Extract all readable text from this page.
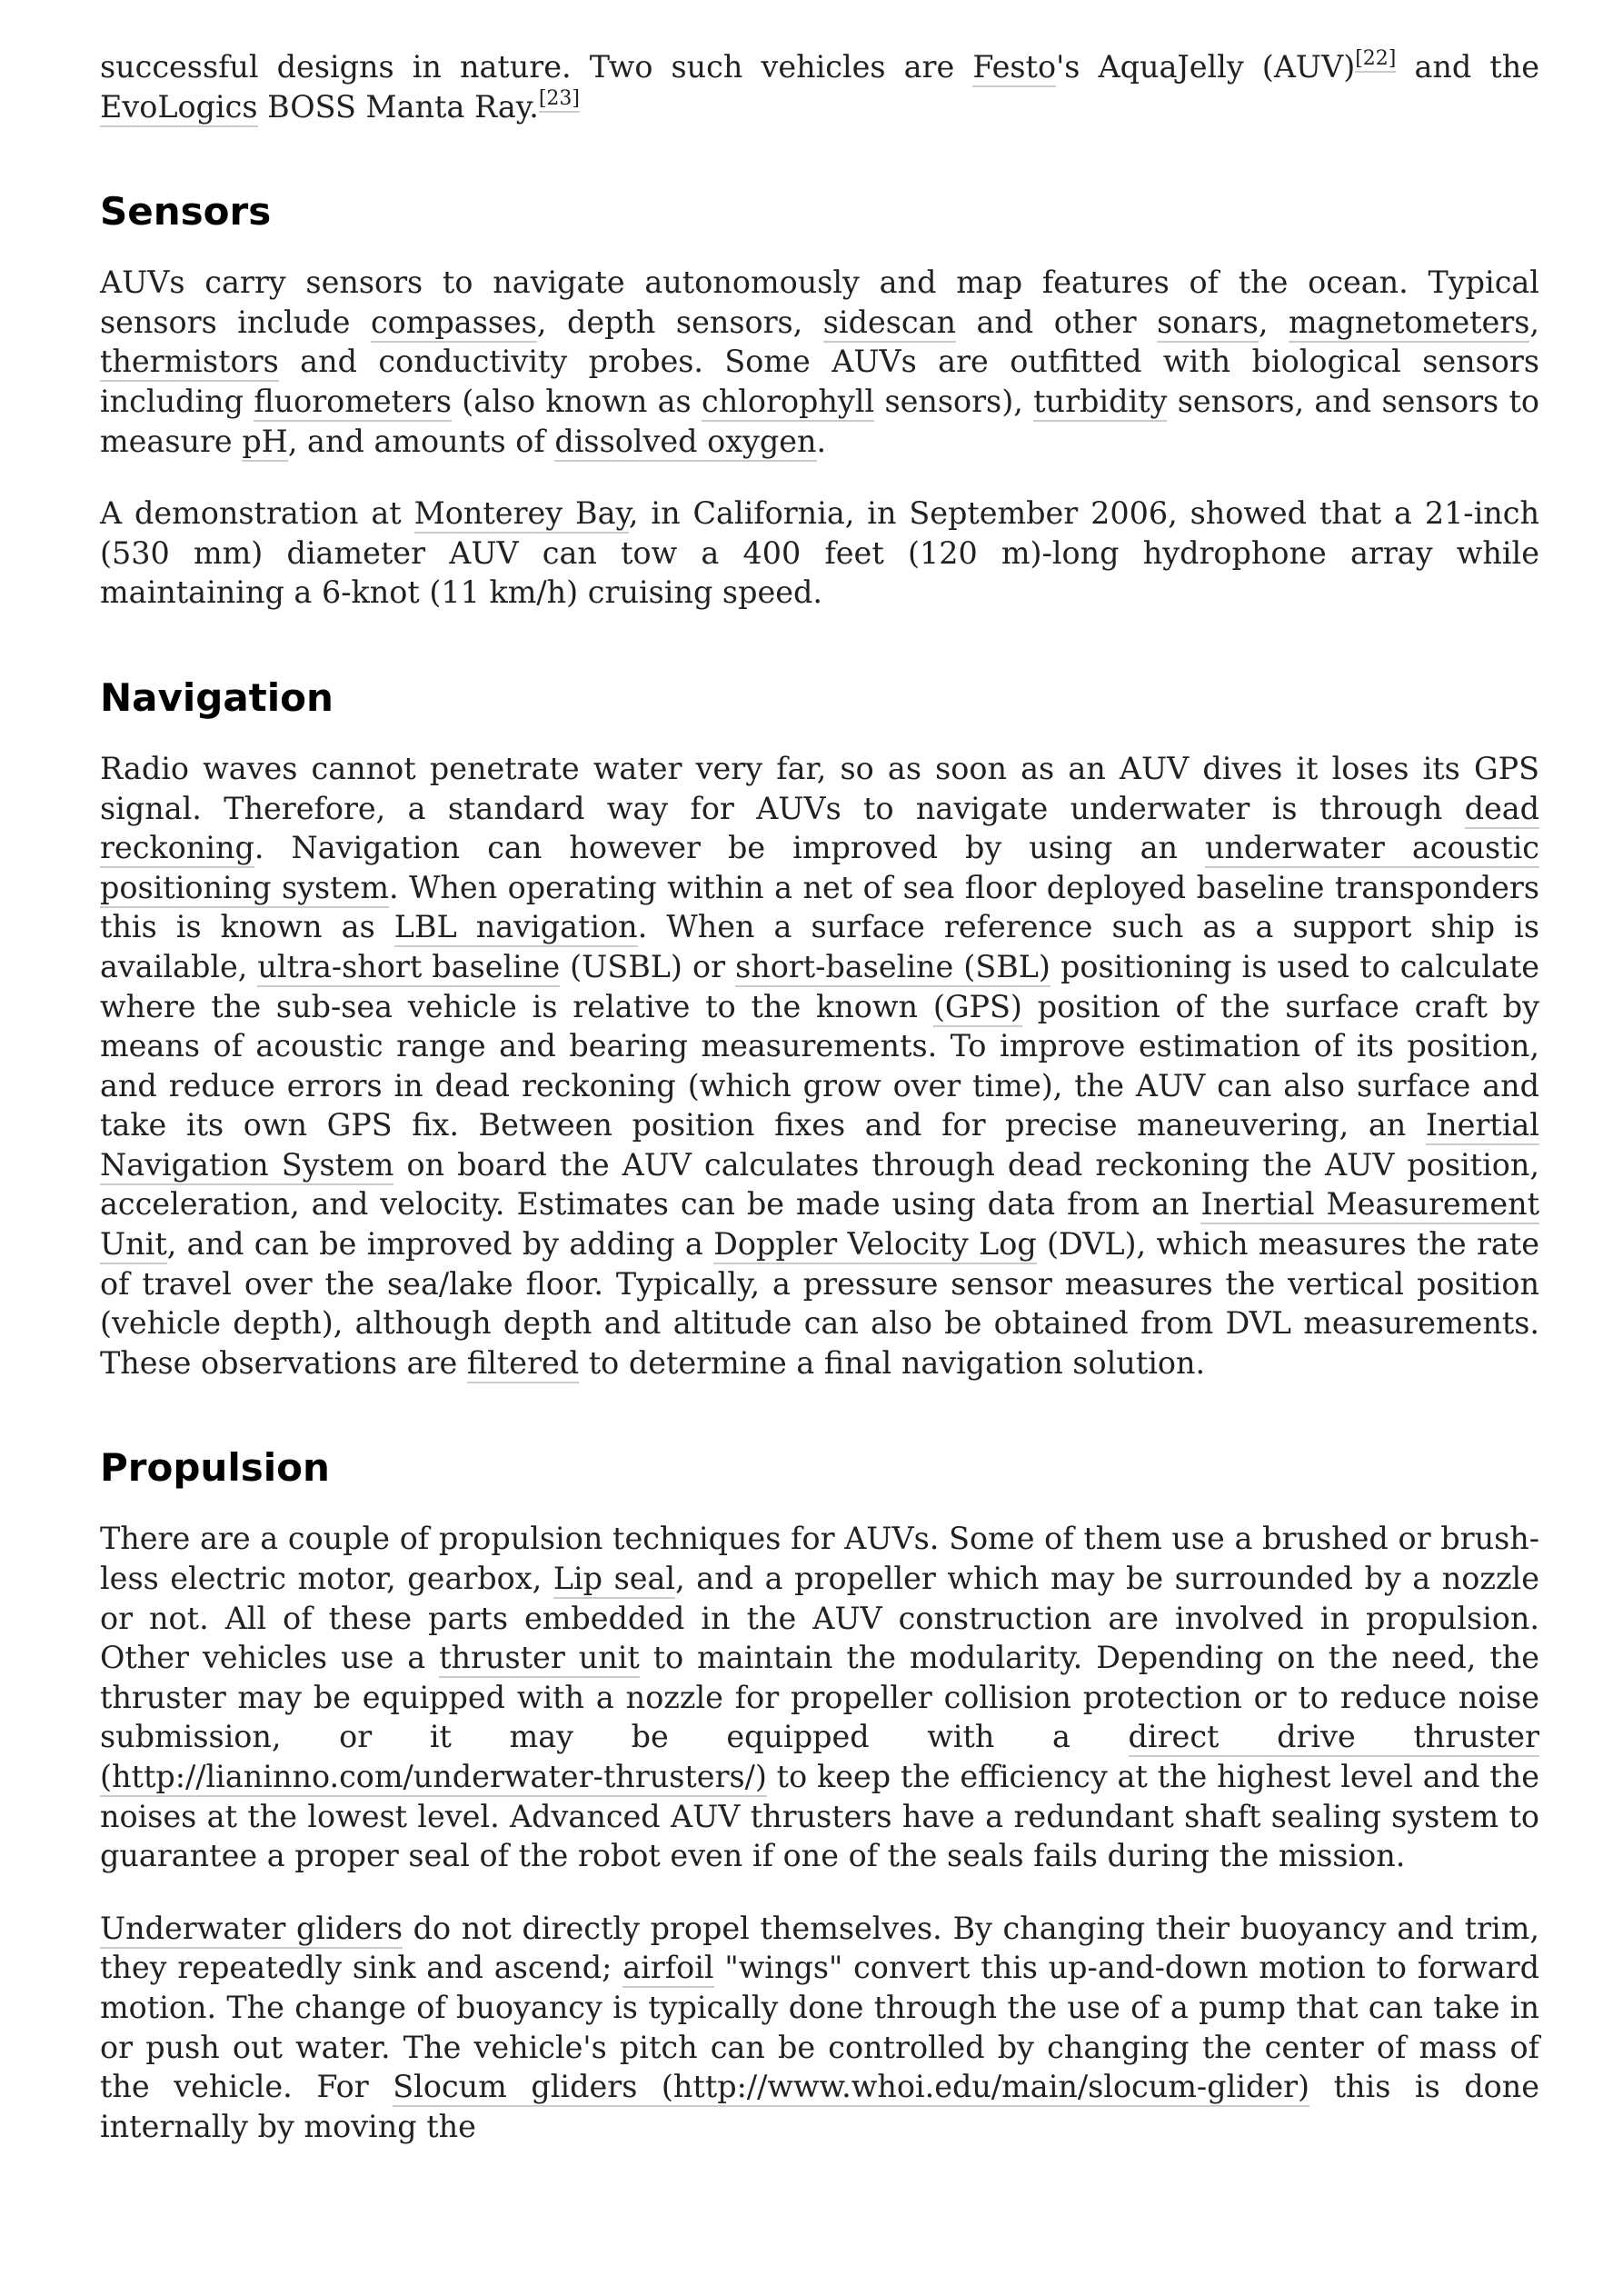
successful designs in nature. Two such vehicles are Festo's AquaJelly (AUV)[22] and the EvoLogics BOSS Manta Ray.[23]

Sensors

AUVs carry sensors to navigate autonomously and map features of the ocean. Typical sensors include compasses, depth sensors, sidescan and other sonars, magnetometers, thermistors and conductivity probes. Some AUVs are outfitted with biological sensors including fluorometers (also known as chlorophyll sensors), turbidity sensors, and sensors to measure pH, and amounts of dissolved oxygen.

A demonstration at Monterey Bay, in California, in September 2006, showed that a 21-inch (530 mm) diameter AUV can tow a 400 feet (120 m)-long hydrophone array while maintaining a 6-knot (11 km/h) cruising speed.

Navigation

Radio waves cannot penetrate water very far, so as soon as an AUV dives it loses its GPS signal. Therefore, a standard way for AUVs to navigate underwater is through dead reckoning. Navigation can however be improved by using an underwater acoustic positioning system. When operating within a net of sea floor deployed baseline transponders this is known as LBL navigation. When a surface reference such as a support ship is available, ultra-short baseline (USBL) or short-baseline (SBL) positioning is used to calculate where the sub-sea vehicle is relative to the known (GPS) position of the surface craft by means of acoustic range and bearing measurements. To improve estimation of its position, and reduce errors in dead reckoning (which grow over time), the AUV can also surface and take its own GPS fix. Between position fixes and for precise maneuvering, an Inertial Navigation System on board the AUV calculates through dead reckoning the AUV position, acceleration, and velocity. Estimates can be made using data from an Inertial Measurement Unit, and can be improved by adding a Doppler Velocity Log (DVL), which measures the rate of travel over the sea/lake floor. Typically, a pressure sensor measures the vertical position (vehicle depth), although depth and altitude can also be obtained from DVL measurements. These observations are filtered to determine a final navigation solution.

Propulsion

There are a couple of propulsion techniques for AUVs. Some of them use a brushed or brush-less electric motor, gearbox, Lip seal, and a propeller which may be surrounded by a nozzle or not. All of these parts embedded in the AUV construction are involved in propulsion. Other vehicles use a thruster unit to maintain the modularity. Depending on the need, the thruster may be equipped with a nozzle for propeller collision protection or to reduce noise submission, or it may be equipped with a direct drive thruster (http://lianinno.com/underwater-thrusters/) to keep the efficiency at the highest level and the noises at the lowest level. Advanced AUV thrusters have a redundant shaft sealing system to guarantee a proper seal of the robot even if one of the seals fails during the mission.

Underwater gliders do not directly propel themselves. By changing their buoyancy and trim, they repeatedly sink and ascend; airfoil "wings" convert this up-and-down motion to forward motion. The change of buoyancy is typically done through the use of a pump that can take in or push out water. The vehicle's pitch can be controlled by changing the center of mass of the vehicle. For Slocum gliders (http://www.whoi.edu/main/slocum-glider) this is done internally by moving the
